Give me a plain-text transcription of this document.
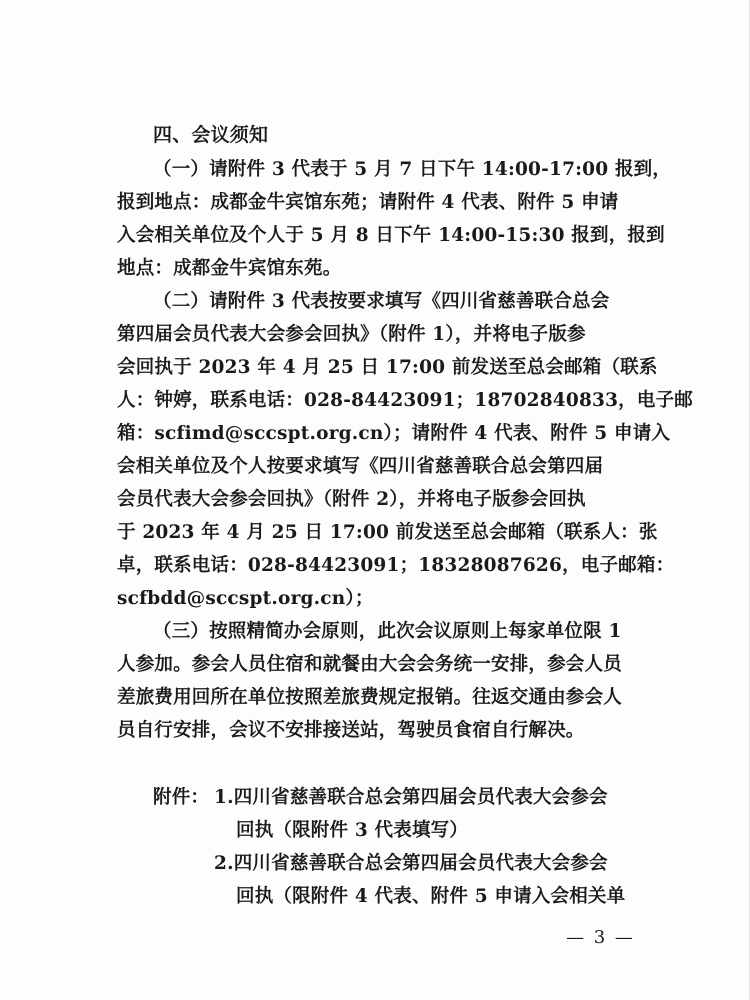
四、会议须知
（一）请附件 3 代表于 5 月 7 日下午 14:00-17:00 报到，
报到地点：成都金牛宾馆东苑；请附件 4 代表、附件 5 申请
入会相关单位及个人于 5 月 8 日下午 14:00-15:30 报到，报到
地点：成都金牛宾馆东苑。
（二）请附件 3 代表按要求填写《四川省慈善联合总会
第四届会员代表大会参会回执》（附件 1），并将电子版参
会回执于 2023 年 4 月 25 日 17:00 前发送至总会邮箱（联系
人：钟婷，联系电话：028-84423091；18702840833，电子邮
箱：scfimd@sccspt.org.cn）；请附件 4 代表、附件 5 申请入
会相关单位及个人按要求填写《四川省慈善联合总会第四届
会员代表大会参会回执》（附件 2），并将电子版参会回执
于 2023 年 4 月 25 日 17:00 前发送至总会邮箱（联系人：张
卓，联系电话：028-84423091；18328087626，电子邮箱：
scfbdd@sccspt.org.cn）；
（三）按照精简办会原则，此次会议原则上每家单位限 1
人参加。参会人员住宿和就餐由大会会务统一安排，参会人员
差旅费用回所在单位按照差旅费规定报销。往返交通由参会人
员自行安排，会议不安排接送站，驾驶员食宿自行解决。
附件： 1.四川省慈善联合总会第四届会员代表大会参会
回执（限附件 3 代表填写）
2.四川省慈善联合总会第四届会员代表大会参会
回执（限附件 4 代表、附件 5 申请入会相关单
— 3 —
